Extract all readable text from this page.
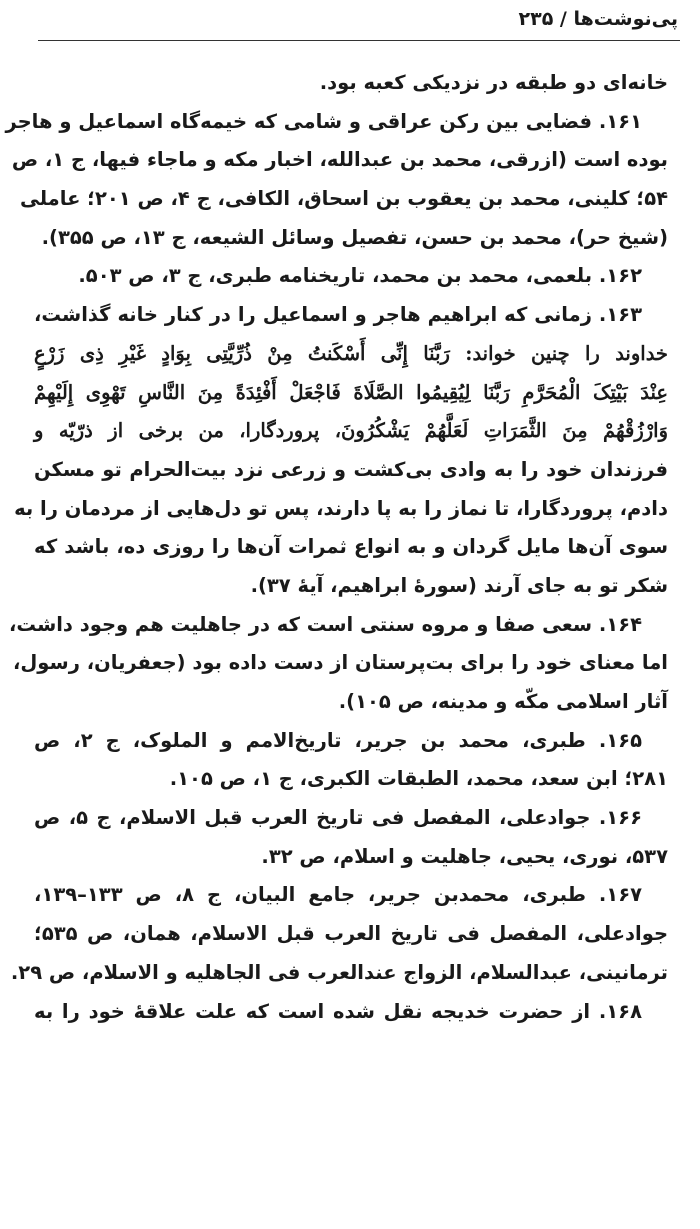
پی‌نوشت‌ها / ۲۳۵
خانه‌ای دو طبقه در نزدیکی کعبه بود.
۱۶۱. فضایی بین رکن عراقی و شامی که خیمه‌گاه اسماعیل و هاجر
بوده است (ازرقی، محمد بن عبدالله، اخبار مکه و ماجاء فیها، ج ۱، ص
۵۴؛ کلینی، محمد بن یعقوب بن اسحاق، الکافی، ج ۴، ص ۲۰۱؛ عاملی
(شیخ حر)، محمد بن حسن، تفصیل وسائل الشیعه، ج ۱۳، ص ۳۵۵).
۱۶۲. بلعمی، محمد بن محمد، تاریخنامه طبری، ج ۳، ص ۵۰۳.
۱۶۳. زمانی که ابراهیم هاجر و اسماعیل را در کنار خانه گذاشت،
خداوند را چنین خواند: رَبَّنَا إِنِّی أَسْکَنتُ مِنْ ذُرِّیَّتِی بِوَادٍ غَیْرِ ذِی زَرْعٍ
عِنْدَ بَیْتِکَ الْمُحَرَّمِ رَبَّنَا لِیُقِیمُوا الصَّلَاةَ فَاجْعَلْ أَفْئِدَةً مِنَ النَّاسِ تَهْوِی إِلَیْهِمْ
وَارْزُقْهُمْ مِنَ الثَّمَرَاتِ لَعَلَّهُمْ یَشْکُرُونَ، پروردگارا، من برخی از ذرّیّه و
فرزندان خود را به وادی بی‌کشت و زرعی نزد بیت‌الحرام تو مسکن
دادم، پروردگارا، تا نماز را به پا دارند، پس تو دل‌هایی از مردمان را به
سوی آن‌ها مایل گردان و به انواع ثمرات آن‌ها را روزی ده، باشد که
شکر تو به جای آرند (سورهٔ ابراهیم، آیهٔ ۳۷).
۱۶۴. سعی صفا و مروه سنتی است که در جاهلیت هم وجود داشت،
اما معنای خود را برای بت‌پرستان از دست داده بود (جعفریان، رسول،
آثار اسلامی مکّه و مدینه، ص ۱۰۵).
۱۶۵. طبری، محمد بن جریر، تاریخ‌الامم و الملوک، ج ۲، ص
۲۸۱؛ ابن سعد، محمد، الطبقات الکبری، ج ۱، ص ۱۰۵.
۱۶۶. جوادعلی، المفصل فی تاریخ العرب قبل الاسلام، ج ۵، ص
۵۳۷، نوری، یحیی، جاهلیت و اسلام، ص ۳۲.
۱۶۷. طبری، محمدبن جریر، جامع البیان، ج ۸، ص ۱۳۳–۱۳۹،
جوادعلی، المفصل فی تاریخ العرب قبل الاسلام، همان، ص ۵۳۵؛
ترمانینی، عبدالسلام، الزواج عندالعرب فی الجاهلیه و الاسلام، ص ۲۹.
۱۶۸. از حضرت خدیجه نقل شده است که علت علاقهٔ خود را به
